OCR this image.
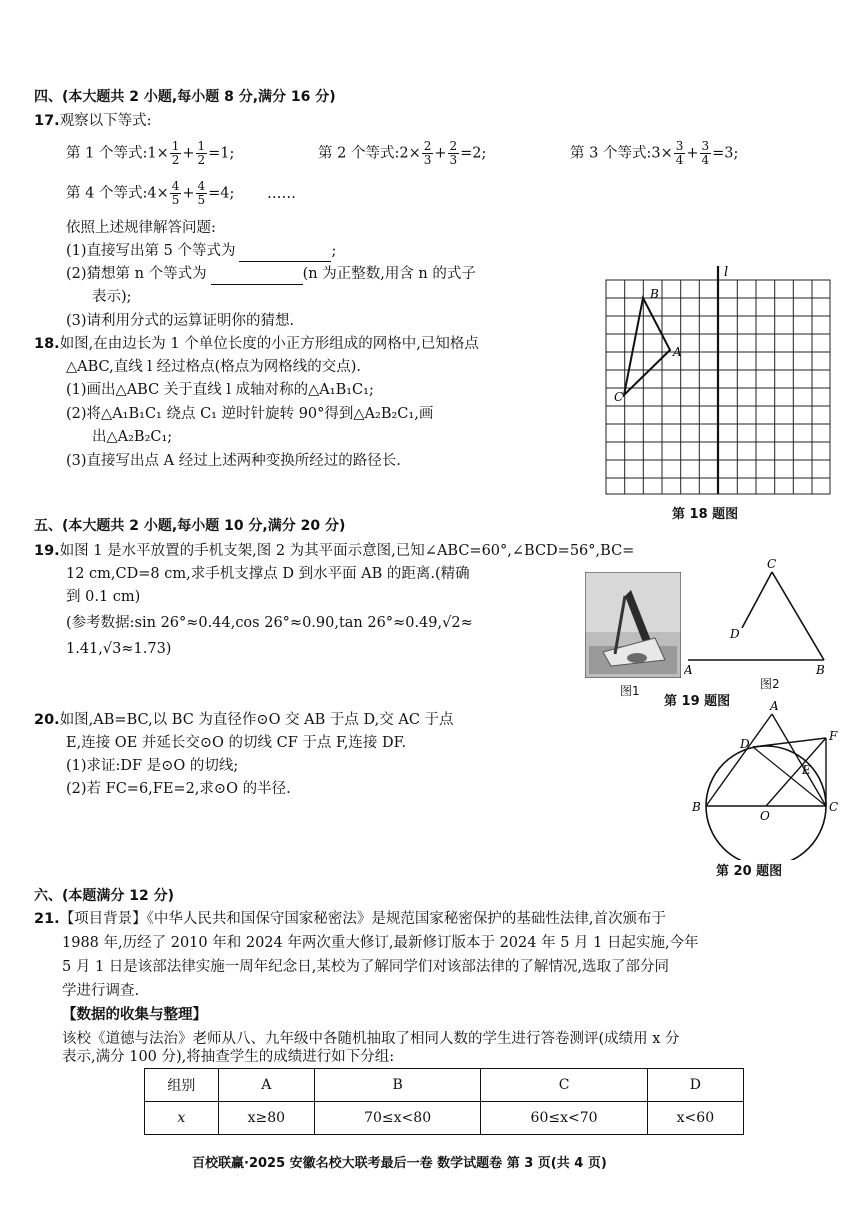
四、(本大题共 2 小题,每小题 8 分,满分 16 分)
17.观察以下等式:
第 1 个等式:1× $\frac{1}{2} + \frac{1}{2} =1$;	第 2 个等式:2× $\frac{2}{3} + \frac{2}{3} =2$;	第 3 个等式:3× $\frac{3}{4} + \frac{3}{4} =3$;
第 4 个等式:4× $\frac{4}{5} + \frac{4}{5} =4$; ……
依照上述规律解答问题:
(1)直接写出第 5 个等式为	;
(2)猜想第 n 个等式为	(n 为正整数,用含 n 的式子
表示);
(3)请利用分式的运算证明你的猜想.
18.如图,在由边长为 1 个单位长度的小正方形组成的网格中,已知格点
△ABC,直线 l 经过格点(格点为网格线的交点).
(1)画出△ABC 关于直线 l 成轴对称的△A₁B₁C₁;
(2)将△A₁B₁C₁ 绕点 C₁ 逆时针旋转 90°得到△A₂B₂C₁,画
出△A₂B₂C₁;
(3)直接写出点 A 经过上述两种变换所经过的路径长.
l
B
A
C
第 18 题图
五、(本大题共 2 小题,每小题 10 分,满分 20 分)
19.如图 1 是水平放置的手机支架,图 2 为其平面示意图,已知∠ABC=60°,∠BCD=56°,BC=
12 cm,CD=8 cm,求手机支撑点 D 到水平面 AB 的距离.(精确
到 0.1 cm)
(参考数据:sin 26°≈0.44,cos 26°≈0.90,tan 26°≈0.49,√2≈
1.41,√3≈1.73)
图1
A	B
C
D
图2
第 19 题图
20.如图,AB=BC,以 BC 为直径作⊙O 交 AB 于点 D,交 AC 于点
E,连接 OE 并延长交⊙O 的切线 CF 于点 F,连接 DF.
(1)求证:DF 是⊙O 的切线;
(2)若 FC=6,FE=2,求⊙O 的半径.
A
D
E
F
B
O
C
第 20 题图
六、(本题满分 12 分)
21.【项目背景】《中华人民共和国保守国家秘密法》是规范国家秘密保护的基础性法律,首次颁布于
1988 年,历经了 2010 年和 2024 年两次重大修订,最新修订版本于 2024 年 5 月 1 日起实施,今年
5 月 1 日是该部法律实施一周年纪念日,某校为了解同学们对该部法律的了解情况,选取了部分同
学进行调查.
【数据的收集与整理】
该校《道德与法治》老师从八、九年级中各随机抽取了相同人数的学生进行答卷测评(成绩用 x 分
表示,满分 100 分),将抽查学生的成绩进行如下分组:
组别	A	B	C	D
x	x≥80	70≤x<80	60≤x<70	x<60
百校联赢·2025 安徽名校大联考最后一卷 数学试题卷 第 3 页(共 4 页)
